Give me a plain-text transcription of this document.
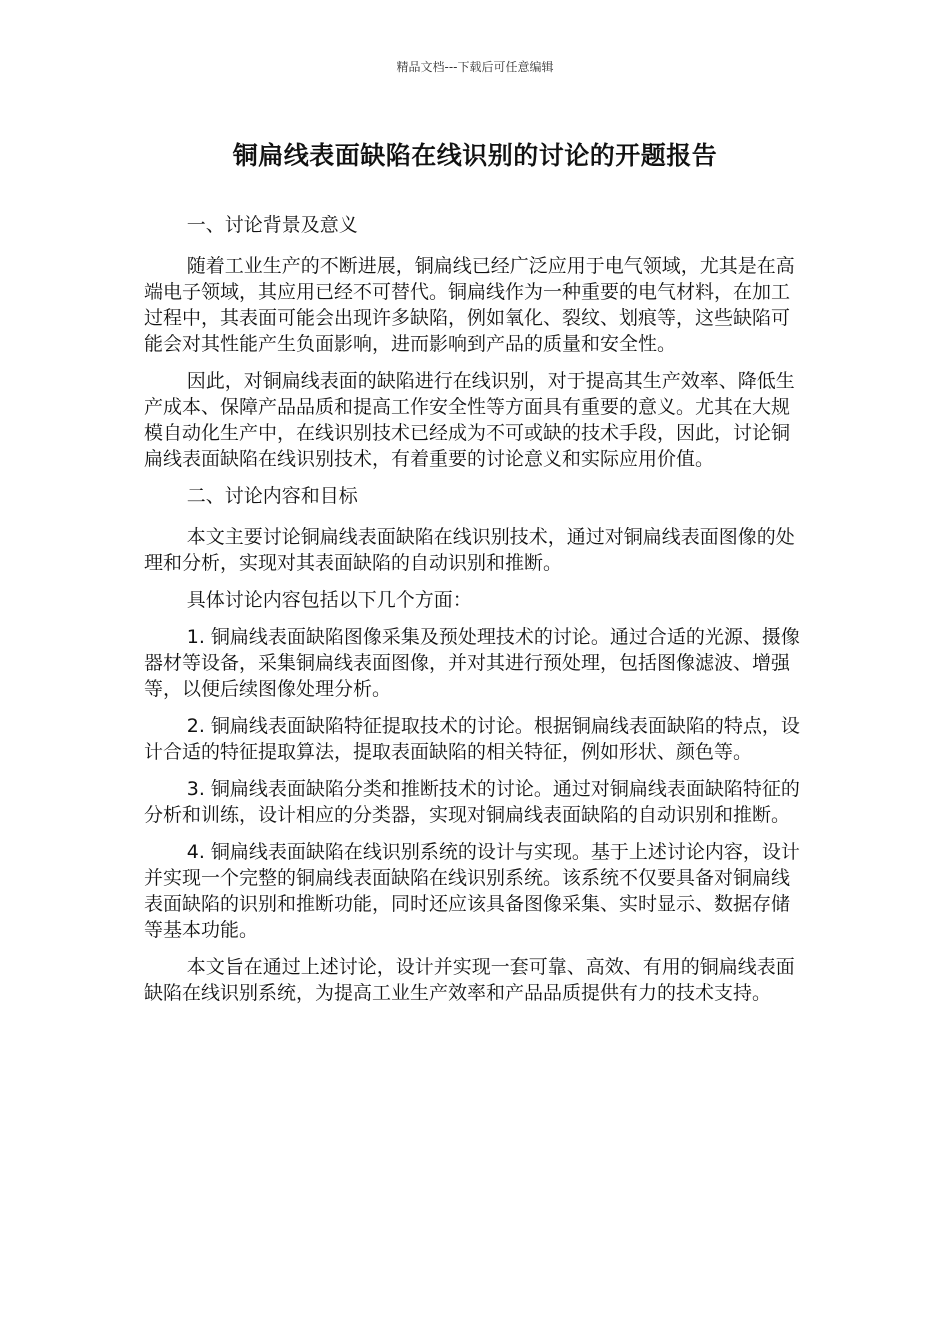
精品文档---下载后可任意编辑
铜扁线表面缺陷在线识别的讨论的开题报告

一、讨论背景及意义

随着工业生产的不断进展，铜扁线已经广泛应用于电气领域，尤其是在高端电子领域，其应用已经不可替代。铜扁线作为一种重要的电气材料，在加工过程中，其表面可能会出现许多缺陷，例如氧化、裂纹、划痕等，这些缺陷可能会对其性能产生负面影响，进而影响到产品的质量和安全性。

因此，对铜扁线表面的缺陷进行在线识别，对于提高其生产效率、降低生产成本、保障产品品质和提高工作安全性等方面具有重要的意义。尤其在大规模自动化生产中，在线识别技术已经成为不可或缺的技术手段，因此，讨论铜扁线表面缺陷在线识别技术，有着重要的讨论意义和实际应用价值。

二、讨论内容和目标

本文主要讨论铜扁线表面缺陷在线识别技术，通过对铜扁线表面图像的处理和分析，实现对其表面缺陷的自动识别和推断。

具体讨论内容包括以下几个方面：

1. 铜扁线表面缺陷图像采集及预处理技术的讨论。通过合适的光源、摄像器材等设备，采集铜扁线表面图像，并对其进行预处理，包括图像滤波、增强等，以便后续图像处理分析。

2. 铜扁线表面缺陷特征提取技术的讨论。根据铜扁线表面缺陷的特点，设计合适的特征提取算法，提取表面缺陷的相关特征，例如形状、颜色等。

3. 铜扁线表面缺陷分类和推断技术的讨论。通过对铜扁线表面缺陷特征的分析和训练，设计相应的分类器，实现对铜扁线表面缺陷的自动识别和推断。

4. 铜扁线表面缺陷在线识别系统的设计与实现。基于上述讨论内容，设计并实现一个完整的铜扁线表面缺陷在线识别系统。该系统不仅要具备对铜扁线表面缺陷的识别和推断功能，同时还应该具备图像采集、实时显示、数据存储等基本功能。

本文旨在通过上述讨论，设计并实现一套可靠、高效、有用的铜扁线表面缺陷在线识别系统，为提高工业生产效率和产品品质提供有力的技术支持。
